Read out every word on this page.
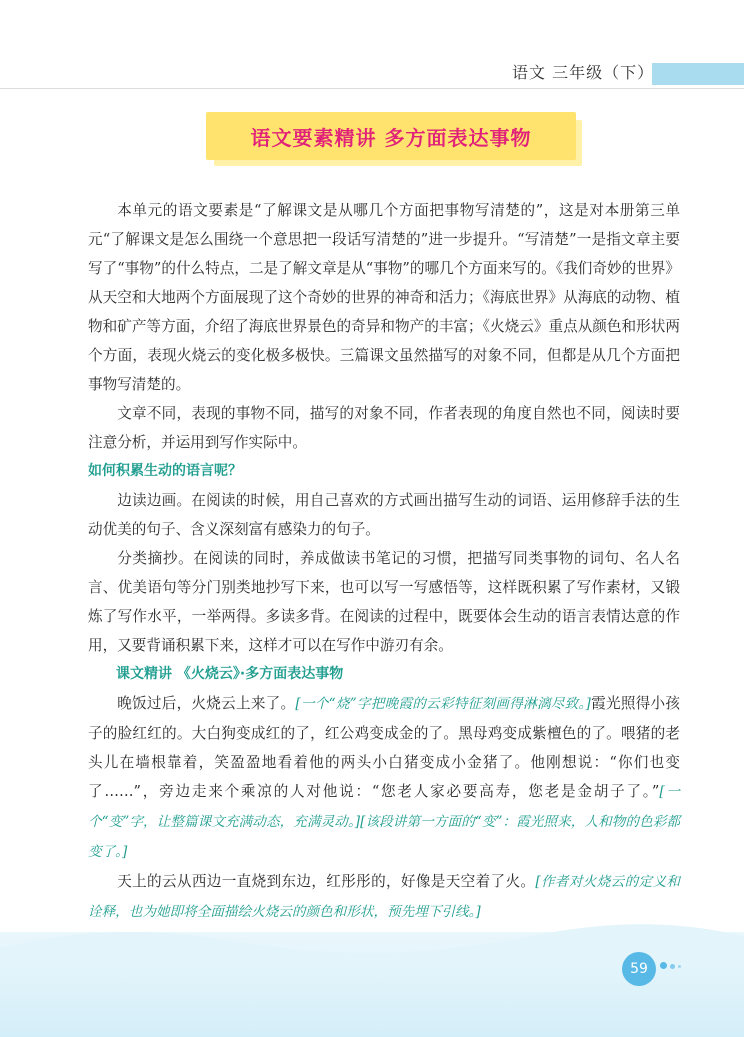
语文 三年级（下）
语文要素精讲 多方面表达事物

本单元的语文要素是“了解课文是从哪几个方面把事物写清楚的”，这是对本册第三单元“了解课文是怎么围绕一个意思把一段话写清楚的”进一步提升。“写清楚”一是指文章主要写了“事物”的什么特点，二是了解文章是从“事物”的哪几个方面来写的。《我们奇妙的世界》从天空和大地两个方面展现了这个奇妙的世界的神奇和活力；《海底世界》从海底的动物、植物和矿产等方面，介绍了海底世界景色的奇异和物产的丰富；《火烧云》重点从颜色和形状两个方面，表现火烧云的变化极多极快。三篇课文虽然描写的对象不同，但都是从几个方面把事物写清楚的。

文章不同，表现的事物不同，描写的对象不同，作者表现的角度自然也不同，阅读时要注意分析，并运用到写作实际中。

如何积累生动的语言呢？

边读边画。在阅读的时候，用自己喜欢的方式画出描写生动的词语、运用修辞手法的生动优美的句子、含义深刻富有感染力的句子。

分类摘抄。在阅读的同时，养成做读书笔记的习惯，把描写同类事物的词句、名人名言、优美语句等分门别类地抄写下来，也可以写一写感悟等，这样既积累了写作素材，又锻炼了写作水平，一举两得。多读多背。在阅读的过程中，既要体会生动的语言表情达意的作用，又要背诵积累下来，这样才可以在写作中游刃有余。

课文精讲 《火烧云》·多方面表达事物

晚饭过后，火烧云上来了。[一个“烧”字把晚霞的云彩特征刻画得淋漓尽致。]霞光照得小孩子的脸红红的。大白狗变成红的了，红公鸡变成金的了。黑母鸡变成紫檀色的了。喂猪的老头儿在墙根靠着，笑盈盈地看着他的两头小白猪变成小金猪了。他刚想说：“你们也变了……”，旁边走来个乘凉的人对他说：“您老人家必要高寿，您老是金胡子了。”[一个“变”字，让整篇课文充满动态，充满灵动。][该段讲第一方面的“变”：霞光照来，人和物的色彩都变了。]

天上的云从西边一直烧到东边，红彤彤的，好像是天空着了火。[作者对火烧云的定义和诠释，也为她即将全面描绘火烧云的颜色和形状，预先埋下引线。]

59
